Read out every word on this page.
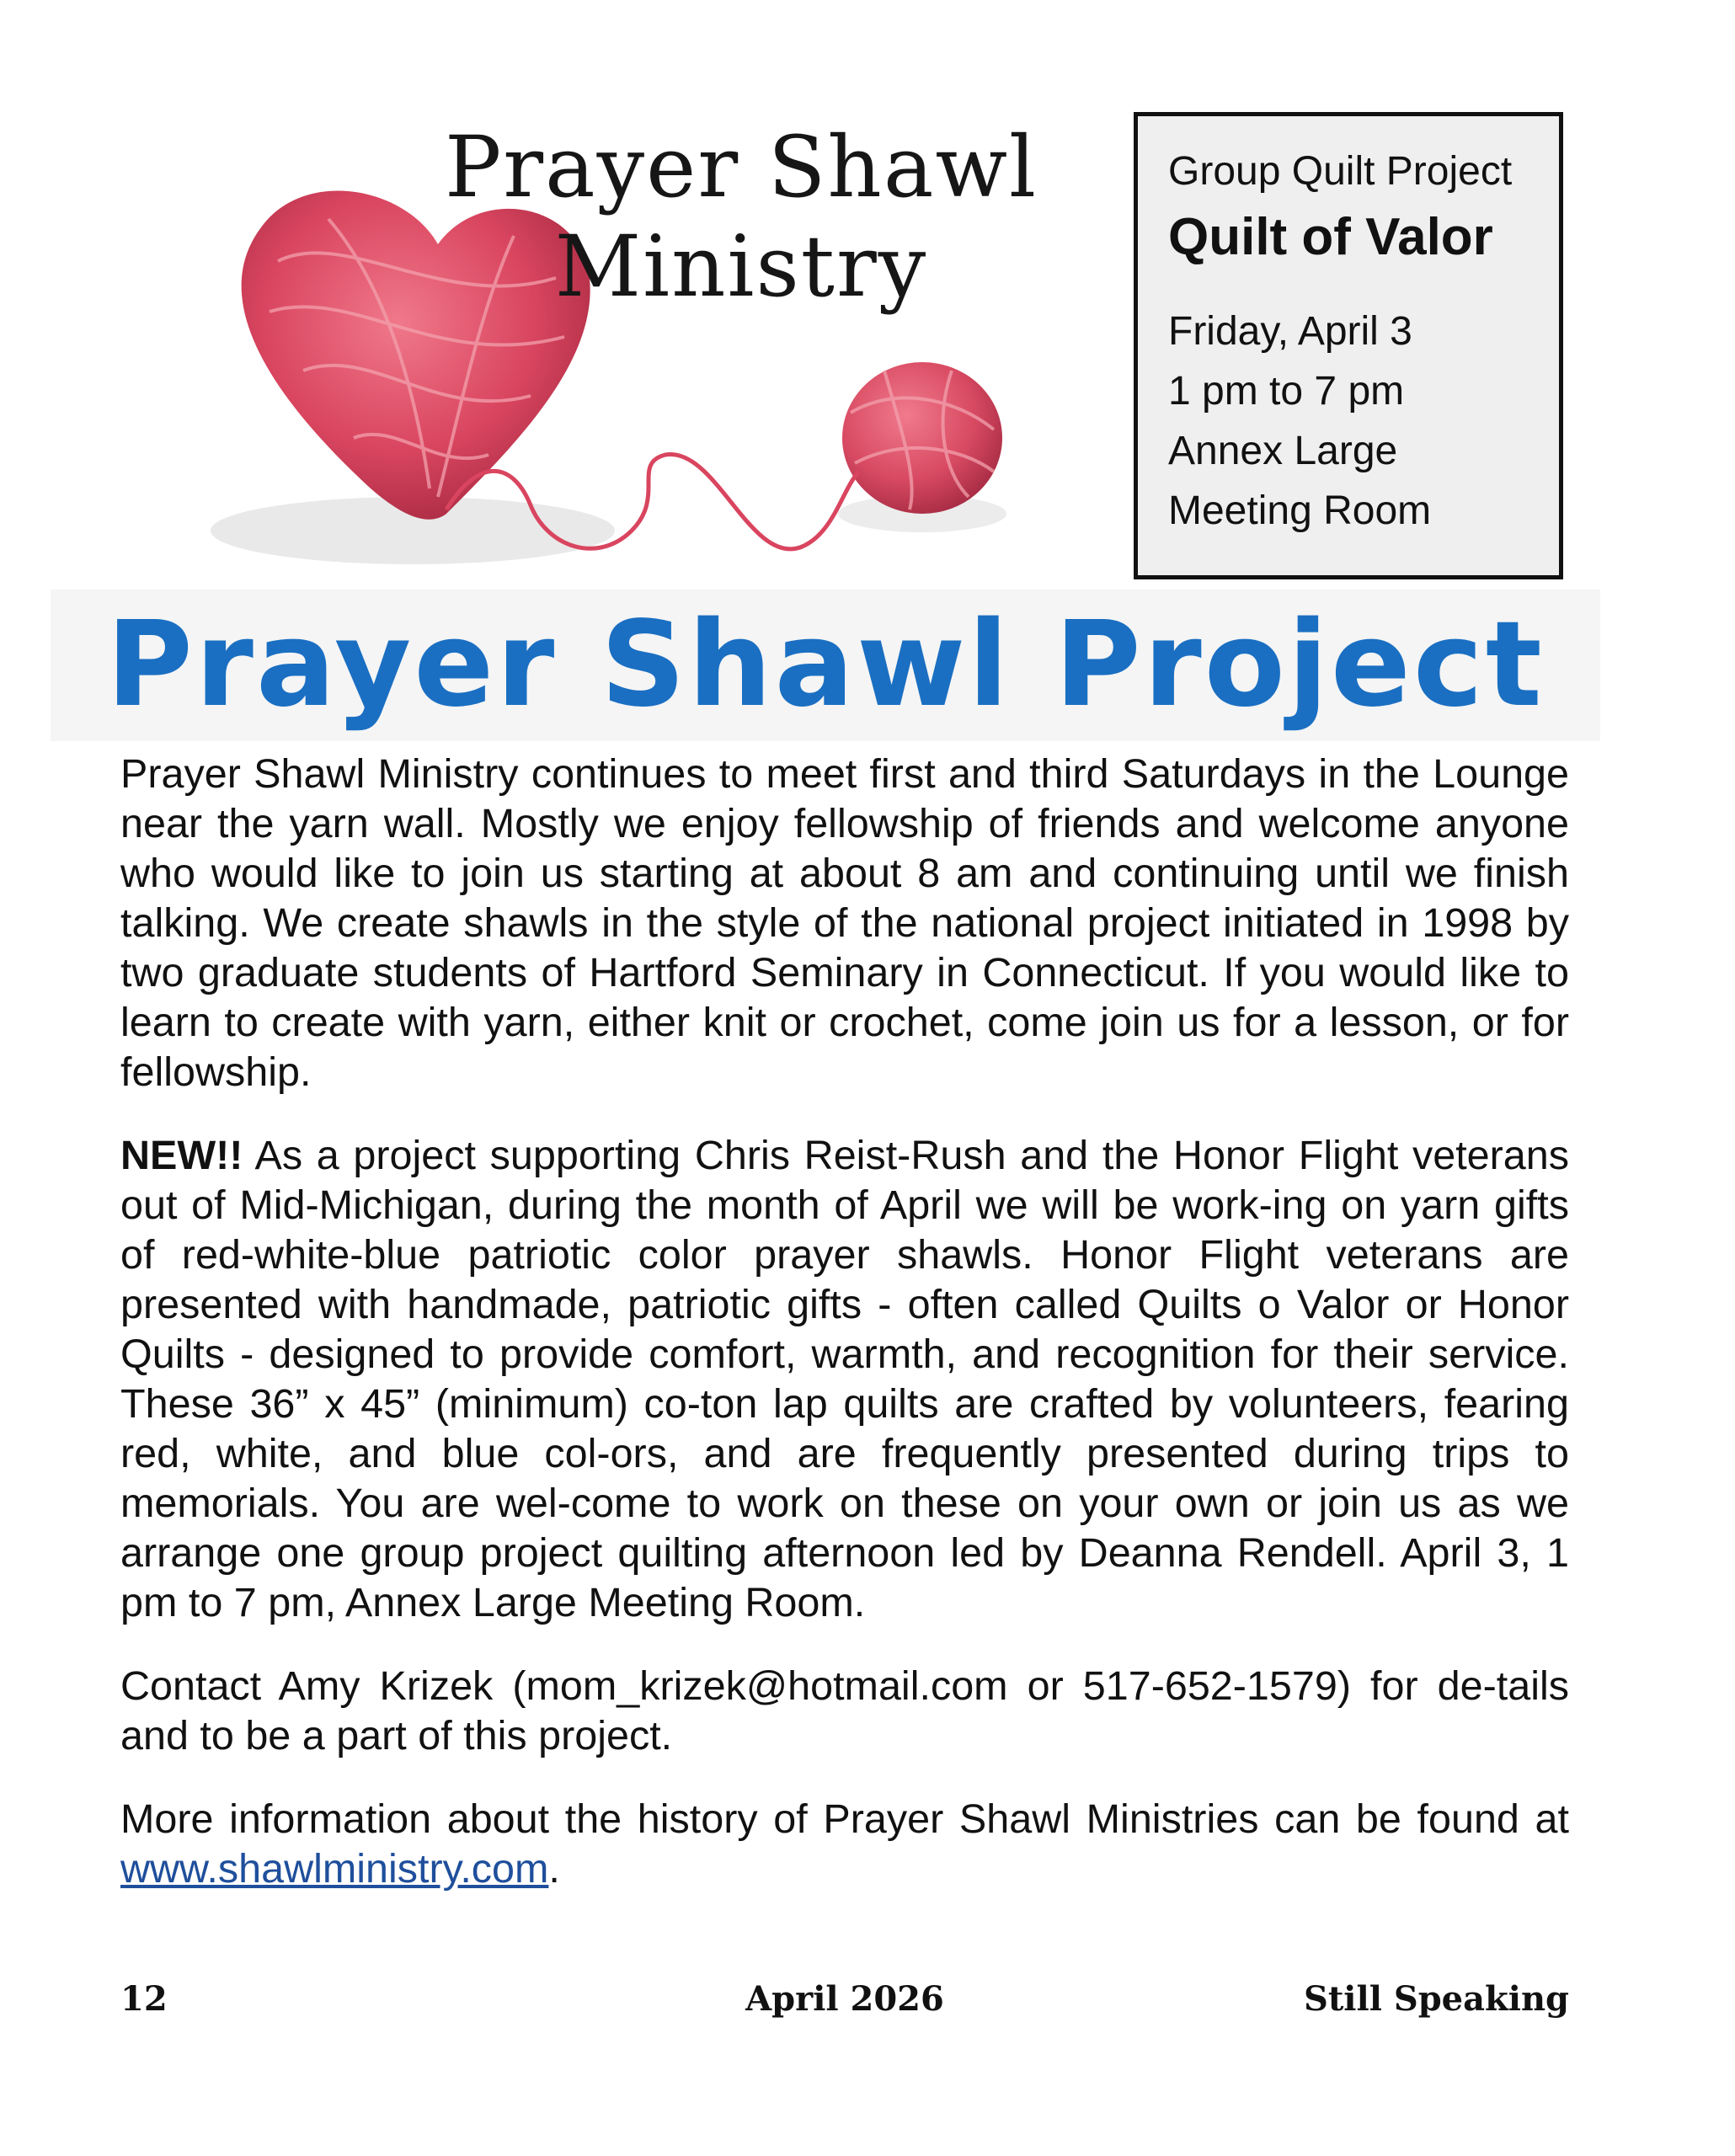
Prayer Shawl
Ministry
Group Quilt Project
Quilt of Valor
Friday, April 3
1 pm to 7 pm
Annex Large
Meeting Room
Prayer Shawl Project

Prayer Shawl Ministry continues to meet first and third Saturdays in the Lounge near the yarn wall. Mostly we enjoy fellowship of friends and welcome anyone who would like to join us starting at about 8 am and continuing until we finish talking. We create shawls in the style of the national project initiated in 1998 by two graduate students of Hartford Seminary in Connecticut. If you would like to learn to create with yarn, either knit or crochet, come join us for a lesson, or for fellowship.

NEW!! As a project supporting Chris Reist-Rush and the Honor Flight veterans out of Mid-Michigan, during the month of April we will be work-ing on yarn gifts of red-white-blue patriotic color prayer shawls. Honor Flight veterans are presented with handmade, patriotic gifts - often called Quilts o Valor or Honor Quilts - designed to provide comfort, warmth, and recognition for their service. These 36” x 45” (minimum) co-ton lap quilts are crafted by volunteers, fearing red, white, and blue col-ors, and are frequently presented during trips to memorials. You are wel-come to work on these on your own or join us as we arrange one group project quilting afternoon led by Deanna Rendell. April 3, 1 pm to 7 pm, Annex Large Meeting Room.

Contact Amy Krizek (mom_krizek@hotmail.com or 517-652-1579) for de-tails and to be a part of this project.

More information about the history of Prayer Shawl Ministries can be found at www.shawlministry.com.

12	April 2026	Still Speaking
